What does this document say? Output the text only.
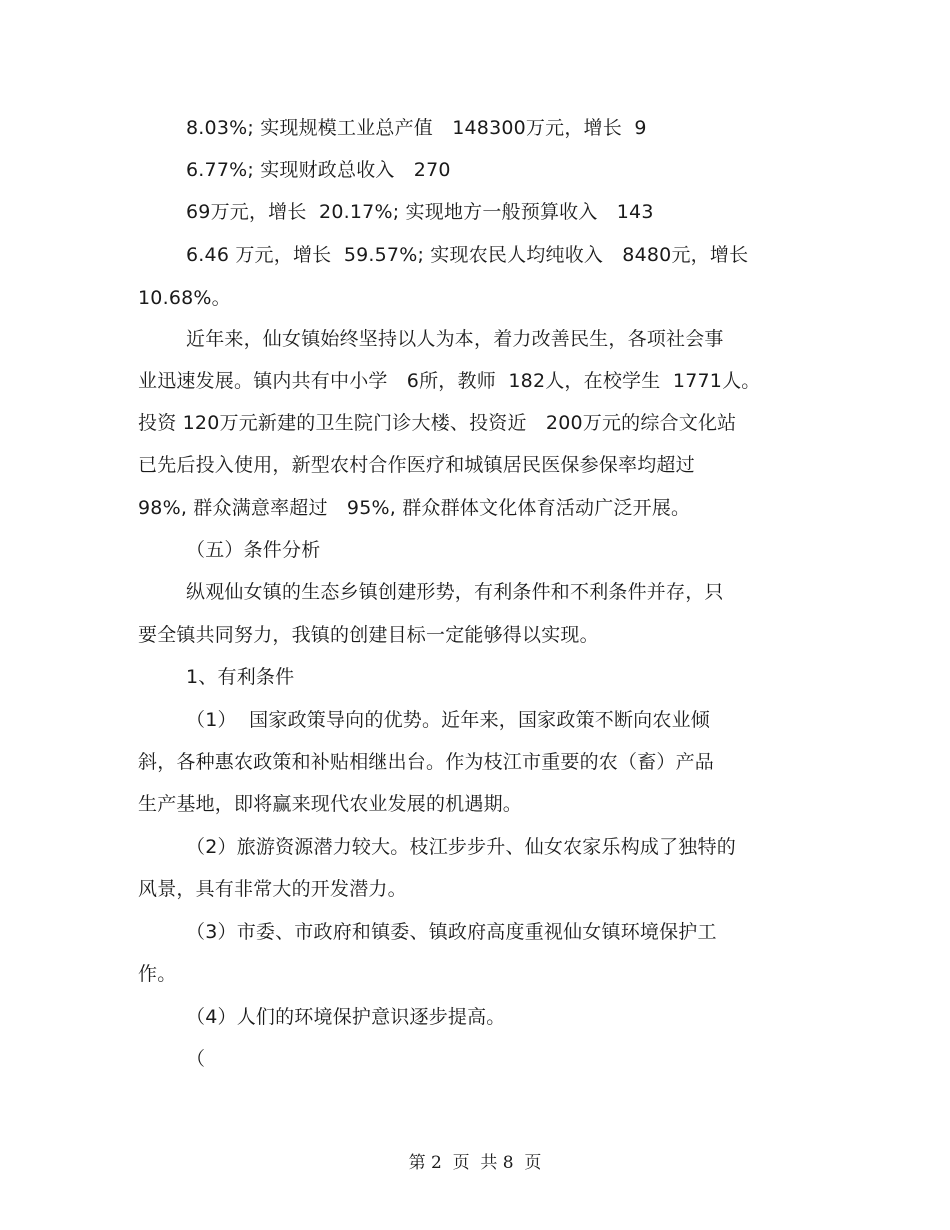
8.03%; 实现规模工业总产值　148300万元，增长  9
6.77%; 实现财政总收入　270
69万元，增长  20.17%; 实现地方一般预算收入　143
6.46 万元，增长  59.57%; 实现农民人均纯收入　8480元，增长
10.68%。
近年来，仙女镇始终坚持以人为本，着力改善民生，各项社会事
业迅速发展。镇内共有中小学　6所，教师  182人，在校学生  1771人。
投资 120万元新建的卫生院门诊大楼、投资近　200万元的综合文化站
已先后投入使用，新型农村合作医疗和城镇居民医保参保率均超过
98%, 群众满意率超过　95%, 群众群体文化体育活动广泛开展。
（五）条件分析
纵观仙女镇的生态乡镇创建形势，有利条件和不利条件并存，只
要全镇共同努力，我镇的创建目标一定能够得以实现。
1、有利条件
（1）  国家政策导向的优势。近年来，国家政策不断向农业倾
斜，各种惠农政策和补贴相继出台。作为枝江市重要的农（畜）产品
生产基地，即将赢来现代农业发展的机遇期。
（2）旅游资源潜力较大。枝江步步升、仙女农家乐构成了独特的
风景，具有非常大的开发潜力。
（3）市委、市政府和镇委、镇政府高度重视仙女镇环境保护工
作。
（4）人们的环境保护意识逐步提高。
（
第 2  页  共 8  页
